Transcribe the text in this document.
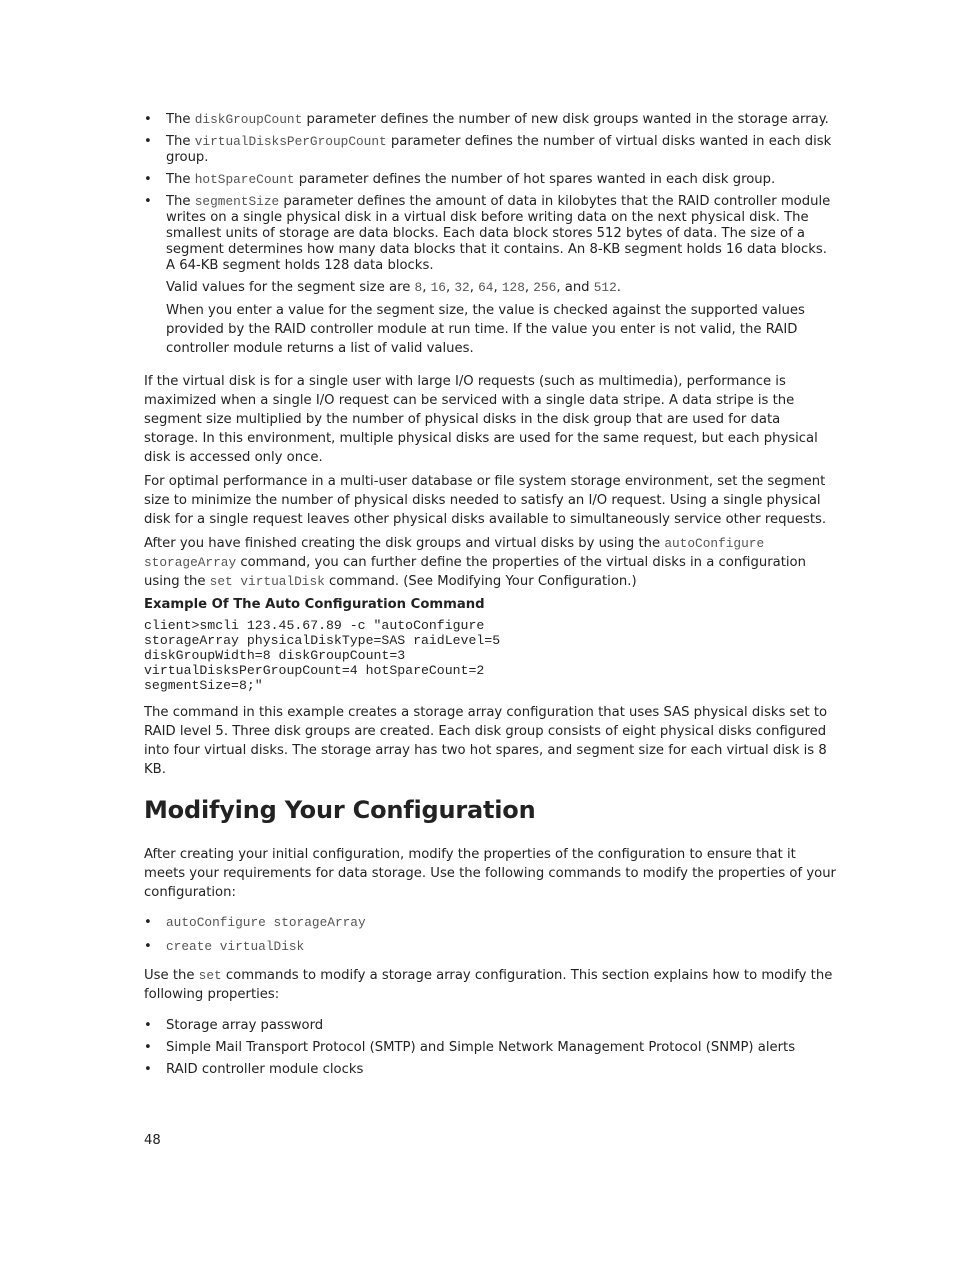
• The diskGroupCount parameter defines the number of new disk groups wanted in the storage array.
• The virtualDisksPerGroupCount parameter defines the number of virtual disks wanted in each disk group.
• The hotSpareCount parameter defines the number of hot spares wanted in each disk group.
• The segmentSize parameter defines the amount of data in kilobytes that the RAID controller module writes on a single physical disk in a virtual disk before writing data on the next physical disk. The smallest units of storage are data blocks. Each data block stores 512 bytes of data. The size of a segment determines how many data blocks that it contains. An 8-KB segment holds 16 data blocks. A 64-KB segment holds 128 data blocks.
Valid values for the segment size are 8, 16, 32, 64, 128, 256, and 512.
When you enter a value for the segment size, the value is checked against the supported values provided by the RAID controller module at run time. If the value you enter is not valid, the RAID controller module returns a list of valid values.

If the virtual disk is for a single user with large I/O requests (such as multimedia), performance is maximized when a single I/O request can be serviced with a single data stripe. A data stripe is the segment size multiplied by the number of physical disks in the disk group that are used for data storage. In this environment, multiple physical disks are used for the same request, but each physical disk is accessed only once.

For optimal performance in a multi-user database or file system storage environment, set the segment size to minimize the number of physical disks needed to satisfy an I/O request. Using a single physical disk for a single request leaves other physical disks available to simultaneously service other requests.

After you have finished creating the disk groups and virtual disks by using the autoConfigure storageArray command, you can further define the properties of the virtual disks in a configuration using the set virtualDisk command. (See Modifying Your Configuration.)

Example Of The Auto Configuration Command
client>smcli 123.45.67.89 -c "autoConfigure
storageArray physicalDiskType=SAS raidLevel=5
diskGroupWidth=8 diskGroupCount=3
virtualDisksPerGroupCount=4 hotSpareCount=2
segmentSize=8;"

The command in this example creates a storage array configuration that uses SAS physical disks set to RAID level 5. Three disk groups are created. Each disk group consists of eight physical disks configured into four virtual disks. The storage array has two hot spares, and segment size for each virtual disk is 8 KB.

Modifying Your Configuration

After creating your initial configuration, modify the properties of the configuration to ensure that it meets your requirements for data storage. Use the following commands to modify the properties of your configuration:

• autoConfigure storageArray
• create virtualDisk

Use the set commands to modify a storage array configuration. This section explains how to modify the following properties:

• Storage array password
• Simple Mail Transport Protocol (SMTP) and Simple Network Management Protocol (SNMP) alerts
• RAID controller module clocks
48
